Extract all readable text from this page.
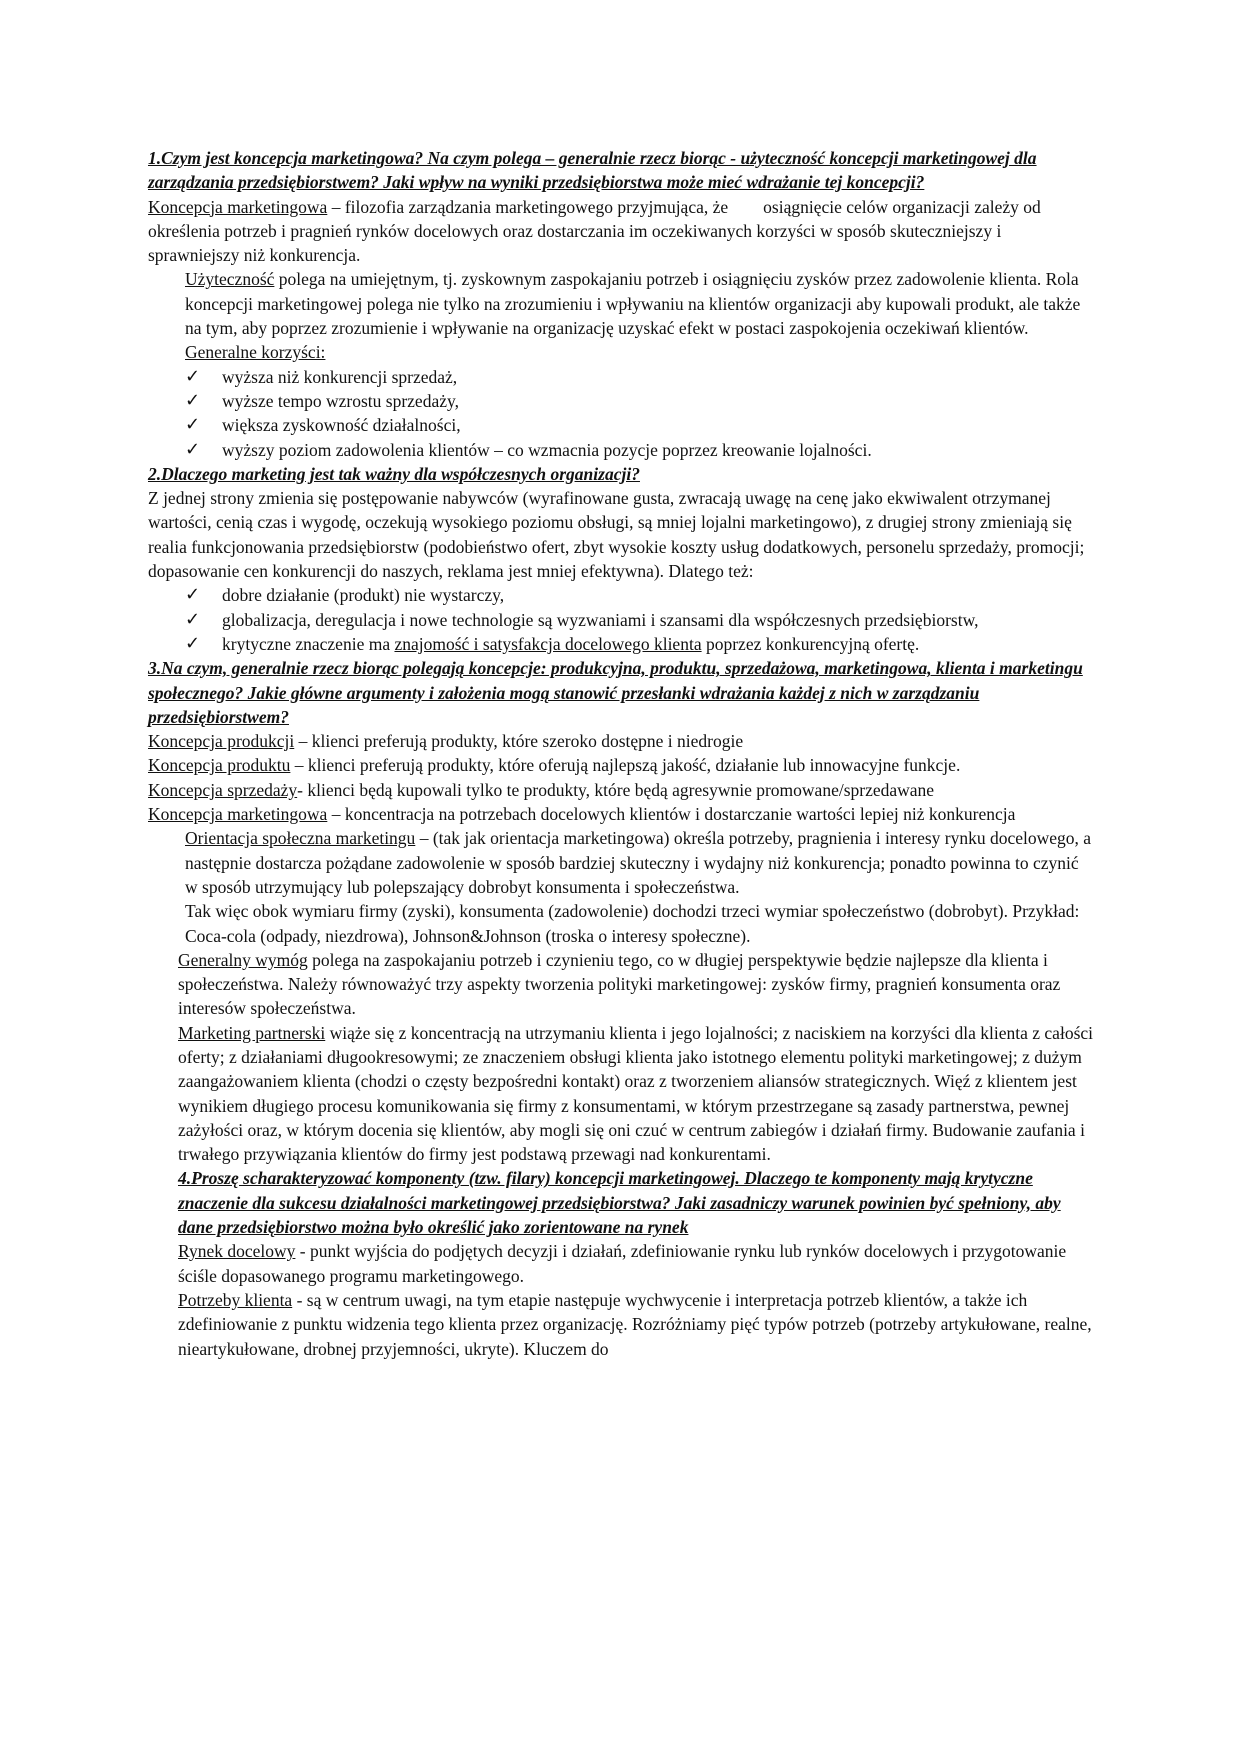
1.Czym jest koncepcja marketingowa? Na czym polega – generalnie rzecz biorąc - użyteczność koncepcji marketingowej dla zarządzania przedsiębiorstwem? Jaki wpływ na wyniki przedsiębiorstwa może mieć wdrażanie tej koncepcji?

Koncepcja marketingowa – filozofia zarządzania marketingowego przyjmująca, że        osiągnięcie celów organizacji zależy od określenia potrzeb i pragnień rynków docelowych oraz dostarczania im oczekiwanych korzyści w sposób skuteczniejszy i sprawniejszy niż konkurencja.

Użyteczność polega na umiejętnym, tj. zyskownym zaspokajaniu potrzeb i osiągnięciu zysków przez zadowolenie klienta. Rola koncepcji marketingowej polega nie tylko na zrozumieniu i wpływaniu na klientów organizacji aby kupowali produkt, ale także na tym, aby poprzez zrozumienie i wpływanie na organizację uzyskać efekt w postaci zaspokojenia oczekiwań klientów.

Generalne korzyści:

✓	wyższa niż konkurencji sprzedaż,
✓	wyższe tempo wzrostu sprzedaży,
✓	większa zyskowność działalności,
✓	wyższy poziom zadowolenia klientów – co wzmacnia pozycje poprzez kreowanie lojalności.

2.Dlaczego marketing jest tak ważny dla współczesnych organizacji?

Z jednej strony zmienia się postępowanie nabywców (wyrafinowane gusta, zwracają uwagę na cenę jako ekwiwalent otrzymanej wartości, cenią czas i wygodę, oczekują wysokiego poziomu obsługi, są mniej lojalni marketingowo), z drugiej strony zmieniają się realia funkcjonowania przedsiębiorstw (podobieństwo ofert, zbyt wysokie koszty usług dodatkowych, personelu sprzedaży, promocji; dopasowanie cen konkurencji do naszych, reklama jest mniej efektywna). Dlatego też:

✓	dobre działanie (produkt) nie wystarczy,
✓	globalizacja, deregulacja i nowe technologie są wyzwaniami i szansami dla współczesnych przedsiębiorstw,
✓	krytyczne znaczenie ma znajomość i satysfakcja docelowego klienta poprzez konkurencyjną ofertę.

3.Na czym, generalnie rzecz biorąc polegają koncepcje: produkcyjna, produktu, sprzedażowa, marketingowa, klienta i marketingu społecznego? Jakie główne argumenty i założenia mogą stanowić przesłanki wdrażania każdej z nich w zarządzaniu przedsiębiorstwem?

Koncepcja produkcji – klienci preferują produkty, które szeroko dostępne i niedrogie

Koncepcja produktu – klienci preferują produkty, które oferują najlepszą jakość, działanie lub innowacyjne funkcje.

Koncepcja sprzedaży- klienci będą kupowali tylko te produkty, które będą agresywnie promowane/sprzedawane

Koncepcja marketingowa – koncentracja na potrzebach docelowych klientów i dostarczanie wartości lepiej niż konkurencja

Orientacja społeczna marketingu – (tak jak orientacja marketingowa) określa potrzeby, pragnienia i interesy rynku docelowego, a następnie dostarcza pożądane zadowolenie w sposób bardziej skuteczny i wydajny niż konkurencja; ponadto powinna to czynić w sposób utrzymujący lub polepszający dobrobyt konsumenta i społeczeństwa.

Tak więc obok wymiaru firmy (zyski), konsumenta (zadowolenie) dochodzi trzeci wymiar społeczeństwo (dobrobyt). Przykład: Coca-cola (odpady, niezdrowa), Johnson&Johnson (troska o interesy społeczne).

Generalny wymóg polega na zaspokajaniu potrzeb i czynieniu tego, co w długiej perspektywie będzie najlepsze dla klienta i społeczeństwa. Należy równoważyć trzy aspekty tworzenia polityki marketingowej: zysków firmy, pragnień konsumenta oraz interesów społeczeństwa.

Marketing partnerski wiąże się z koncentracją na utrzymaniu klienta i jego lojalności; z naciskiem na korzyści dla klienta z całości oferty; z działaniami długookresowymi; ze znaczeniem obsługi klienta jako istotnego elementu polityki marketingowej; z dużym zaangażowaniem klienta (chodzi o częsty bezpośredni kontakt) oraz z tworzeniem aliansów strategicznych. Więź z klientem jest wynikiem długiego procesu komunikowania się firmy z konsumentami, w którym przestrzegane są zasady partnerstwa, pewnej zażyłości oraz, w którym docenia się klientów, aby mogli się oni czuć w centrum zabiegów i działań firmy. Budowanie zaufania i trwałego przywiązania klientów do firmy jest podstawą przewagi nad konkurentami.

4.Proszę scharakteryzować komponenty (tzw. filary) koncepcji marketingowej. Dlaczego te komponenty mają krytyczne znaczenie dla sukcesu działalności marketingowej przedsiębiorstwa? Jaki zasadniczy warunek powinien być spełniony, aby dane przedsiębiorstwo można było określić jako zorientowane na rynek

Rynek docelowy - punkt wyjścia do podjętych decyzji i działań, zdefiniowanie rynku lub rynków docelowych i przygotowanie ściśle dopasowanego programu marketingowego.

Potrzeby klienta - są w centrum uwagi, na tym etapie następuje wychwycenie i interpretacja potrzeb klientów, a także ich zdefiniowanie z punktu widzenia tego klienta przez organizację. Rozróżniamy pięć typów potrzeb (potrzeby artykułowane, realne, nieartykułowane, drobnej przyjemności, ukryte). Kluczem do
